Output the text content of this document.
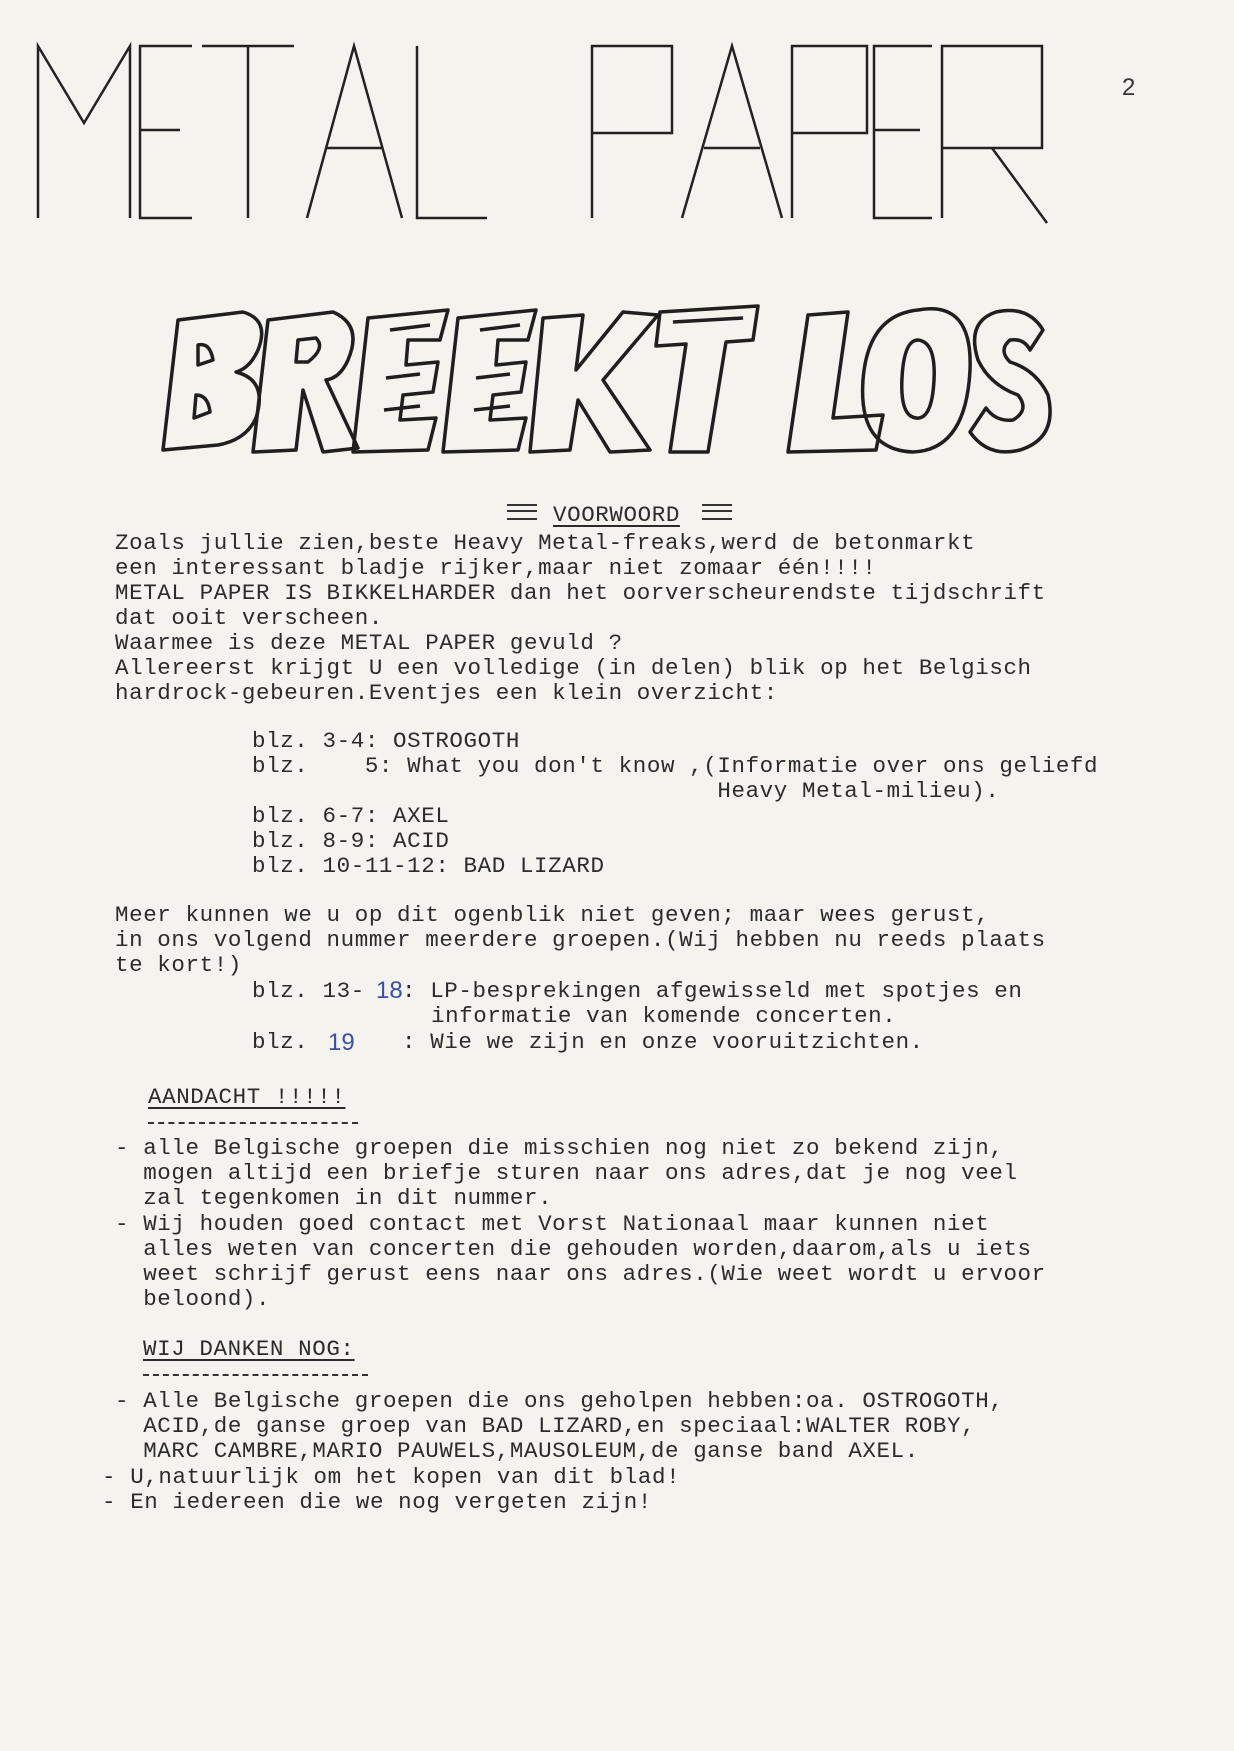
2
VOORWOORD
Zoals jullie zien,beste Heavy Metal-freaks,werd de betonmarkt
een interessant bladje rijker,maar niet zomaar één!!!!
METAL PAPER IS BIKKELHARDER dan het oorverscheurendste tijdschrift
dat ooit verscheen.
Waarmee is deze METAL PAPER gevuld ?
Allereerst krijgt U een volledige (in delen) blik op het Belgisch
hardrock-gebeuren.Eventjes een klein overzicht:
blz. 3-4: OSTROGOTH
blz.    5: What you don't know ,(Informatie over ons geliefd
Heavy Metal-milieu).
blz. 6-7: AXEL
blz. 8-9: ACID
blz. 10-11-12: BAD LIZARD
Meer kunnen we u op dit ogenblik niet geven; maar wees gerust,
in ons volgend nummer meerdere groepen.(Wij hebben nu reeds plaats
te kort!)
blz. 13- 18 : LP-besprekingen afgewisseld met spotjes en
informatie van komende concerten.
blz. 19 : Wie we zijn en onze vooruitzichten.
AANDACHT !!!!!
- alle Belgische groepen die misschien nog niet zo bekend zijn,
mogen altijd een briefje sturen naar ons adres,dat je nog veel
zal tegenkomen in dit nummer.
- Wij houden goed contact met Vorst Nationaal maar kunnen niet
alles weten van concerten die gehouden worden,daarom,als u iets
weet schrijf gerust eens naar ons adres.(Wie weet wordt u ervoor
beloond).
WIJ DANKEN NOG:
- Alle Belgische groepen die ons geholpen hebben:oa. OSTROGOTH,
ACID,de ganse groep van BAD LIZARD,en speciaal:WALTER ROBY,
MARC CAMBRE,MARIO PAUWELS,MAUSOLEUM,de ganse band AXEL.
- U,natuurlijk om het kopen van dit blad!
- En iedereen die we nog vergeten zijn!
